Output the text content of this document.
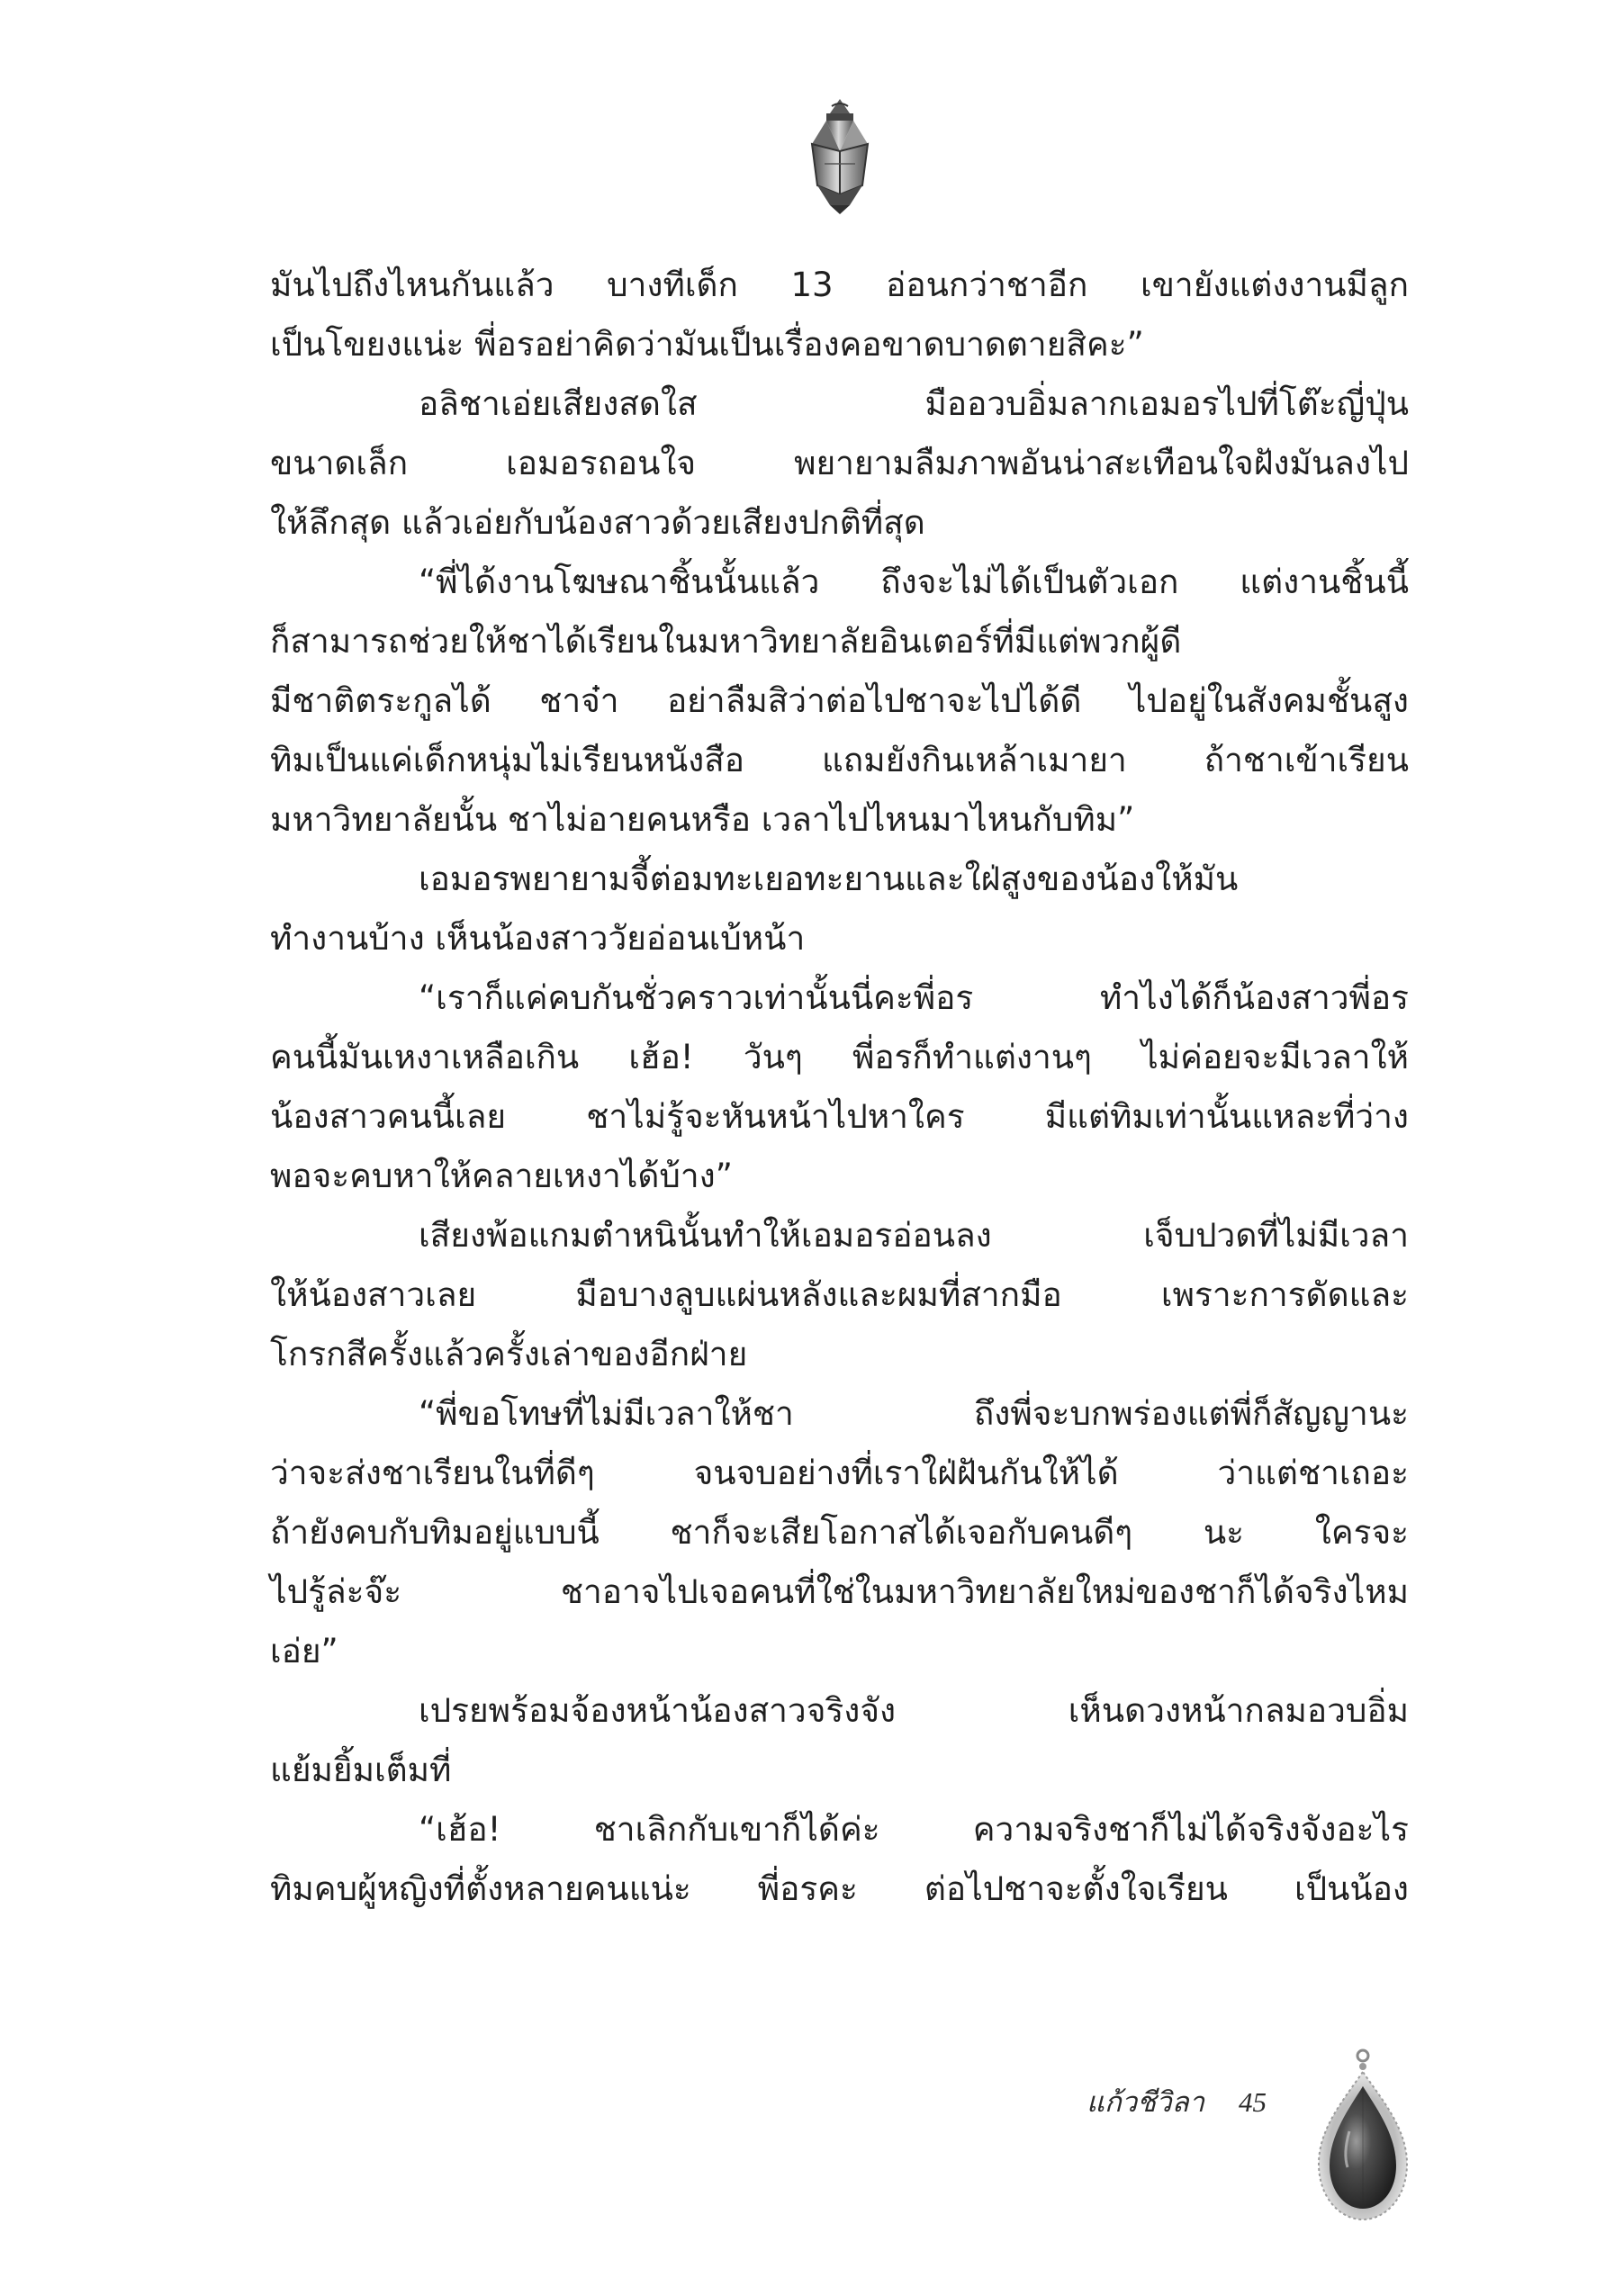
มันไปถึงไหนกันแล้ว บางทีเด็ก 13 อ่อนกว่าชาอีก เขายังแต่งงานมีลูก
เป็นโขยงแน่ะ พี่อรอย่าคิดว่ามันเป็นเรื่องคอขาดบาดตายสิคะ”
อลิชาเอ่ยเสียงสดใส มืออวบอิ่มลากเอมอรไปที่โต๊ะญี่ปุ่น
ขนาดเล็ก เอมอรถอนใจ พยายามลืมภาพอันน่าสะเทือนใจฝังมันลงไป
ให้ลึกสุด แล้วเอ่ยกับน้องสาวด้วยเสียงปกติที่สุด
“พี่ได้งานโฆษณาชิ้นนั้นแล้ว ถึงจะไม่ได้เป็นตัวเอก แต่งานชิ้นนี้
ก็สามารถช่วยให้ชาได้เรียนในมหาวิทยาลัยอินเตอร์ที่มีแต่พวกผู้ดี
มีชาติตระกูลได้ ชาจ๋า อย่าลืมสิว่าต่อไปชาจะไปได้ดี ไปอยู่ในสังคมชั้นสูง
ทิมเป็นแค่เด็กหนุ่มไม่เรียนหนังสือ แถมยังกินเหล้าเมายา ถ้าชาเข้าเรียน
มหาวิทยาลัยนั้น ชาไม่อายคนหรือ เวลาไปไหนมาไหนกับทิม”
เอมอรพยายามจี้ต่อมทะเยอทะยานและใฝ่สูงของน้องให้มัน
ทำงานบ้าง เห็นน้องสาววัยอ่อนเบ้หน้า
“เราก็แค่คบกันชั่วคราวเท่านั้นนี่คะพี่อร ทำไงได้ก็น้องสาวพี่อร
คนนี้มันเหงาเหลือเกิน เฮ้อ! วันๆ พี่อรก็ทำแต่งานๆ ไม่ค่อยจะมีเวลาให้
น้องสาวคนนี้เลย ชาไม่รู้จะหันหน้าไปหาใคร มีแต่ทิมเท่านั้นแหละที่ว่าง
พอจะคบหาให้คลายเหงาได้บ้าง”
เสียงพ้อแกมตำหนินั้นทำให้เอมอรอ่อนลง เจ็บปวดที่ไม่มีเวลา
ให้น้องสาวเลย มือบางลูบแผ่นหลังและผมที่สากมือ เพราะการดัดและ
โกรกสีครั้งแล้วครั้งเล่าของอีกฝ่าย
“พี่ขอโทษที่ไม่มีเวลาให้ชา ถึงพี่จะบกพร่องแต่พี่ก็สัญญานะ
ว่าจะส่งชาเรียนในที่ดีๆ จนจบอย่างที่เราใฝ่ฝันกันให้ได้ ว่าแต่ชาเถอะ
ถ้ายังคบกับทิมอยู่แบบนี้ ชาก็จะเสียโอกาสได้เจอกับคนดีๆ นะ ใครจะ
ไปรู้ล่ะจ๊ะ ชาอาจไปเจอคนที่ใช่ในมหาวิทยาลัยใหม่ของชาก็ได้จริงไหม
เอ่ย”
เปรยพร้อมจ้องหน้าน้องสาวจริงจัง เห็นดวงหน้ากลมอวบอิ่ม
แย้มยิ้มเต็มที่
“เฮ้อ! ชาเลิกกับเขาก็ได้ค่ะ ความจริงชาก็ไม่ได้จริงจังอะไร
ทิมคบผู้หญิงที่ตั้งหลายคนแน่ะ พี่อรคะ ต่อไปชาจะตั้งใจเรียน เป็นน้อง
แก้วชีวิลา 45
